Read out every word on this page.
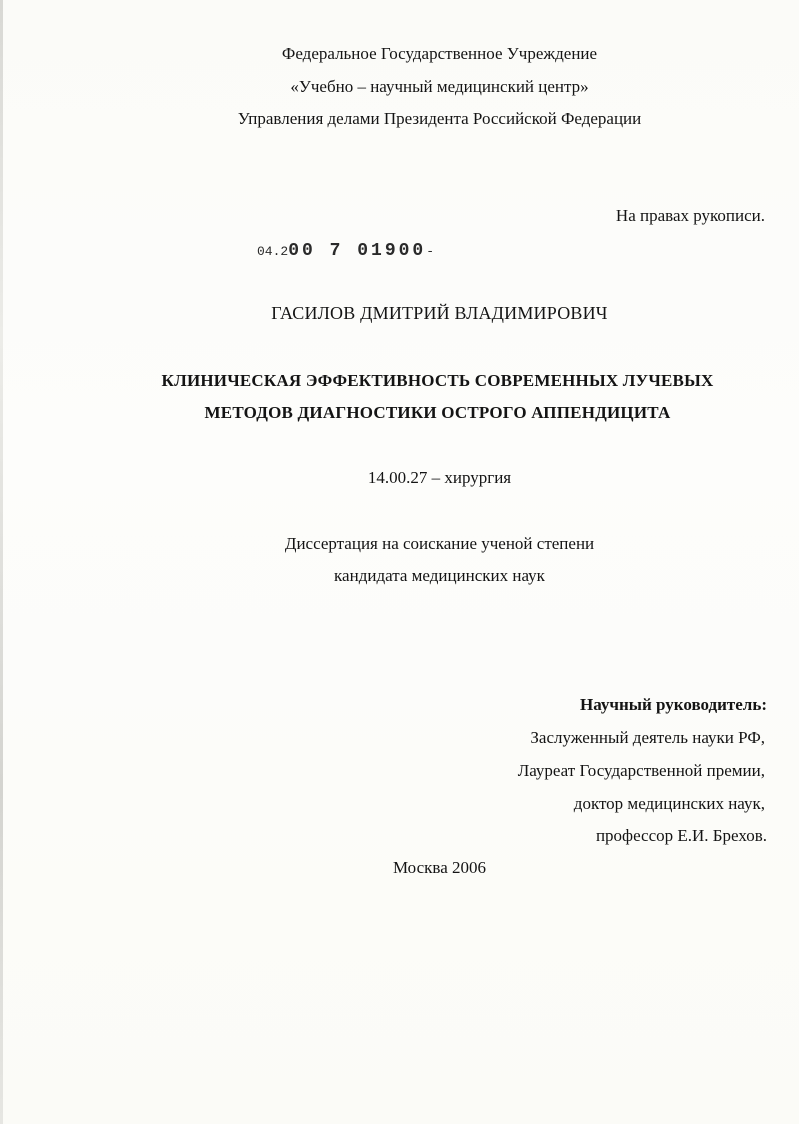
Федеральное Государственное Учреждение
«Учебно – научный медицинский центр»
Управления делами Президента Российской Федерации
На правах рукописи.
04.200 7 01900-
ГАСИЛОВ ДМИТРИЙ ВЛАДИМИРОВИЧ
КЛИНИЧЕСКАЯ ЭФФЕКТИВНОСТЬ СОВРЕМЕННЫХ ЛУЧЕВЫХ
МЕТОДОВ ДИАГНОСТИКИ ОСТРОГО АППЕНДИЦИТА
14.00.27 – хирургия
Диссертация на соискание ученой степени
кандидата медицинских наук
Научный руководитель:
Заслуженный деятель науки РФ,
Лауреат Государственной премии,
доктор медицинских наук,
профессор Е.И. Брехов.
Москва 2006
